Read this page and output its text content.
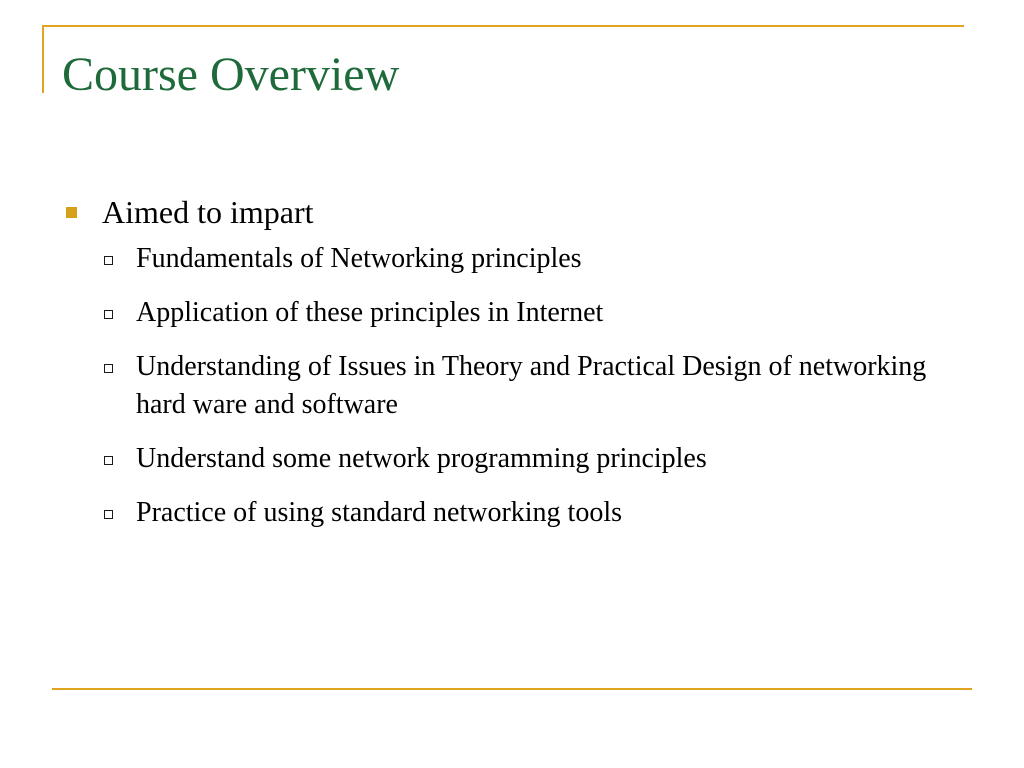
Course Overview
Aimed to impart
Fundamentals of Networking principles
Application of these principles in Internet
Understanding of Issues in Theory and Practical Design of networking hard ware and software
Understand some network programming principles
Practice of using standard networking tools
